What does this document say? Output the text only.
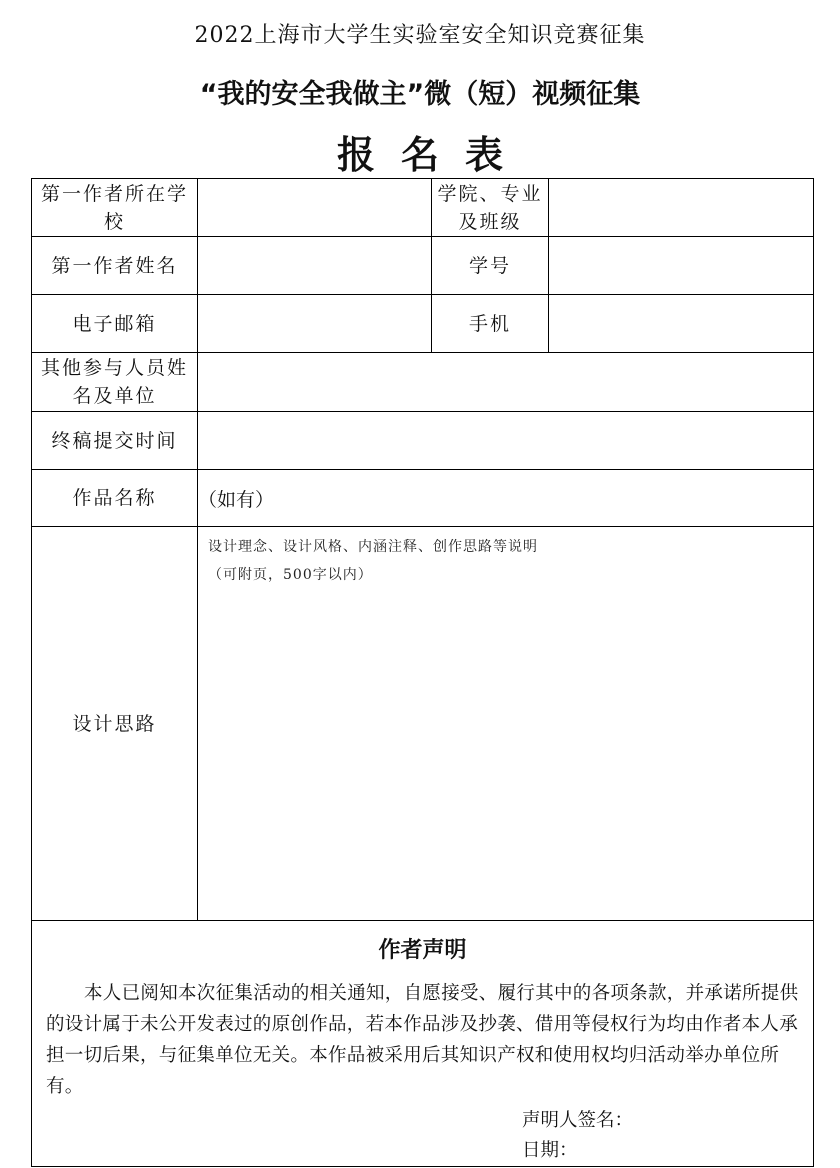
2022上海市大学生实验室安全知识竞赛征集
“我的安全我做主”微（短）视频征集
报名表
第一作者所在学校		学院、专业及班级	
第一作者姓名		学号	
电子邮箱		手机	
其他参与人员姓名及单位			
终稿提交时间			
作品名称	（如有）		
设计思路	设计理念、设计风格、内涵注释、创作思路等说明
（可附页，500字以内）		

作者声明
本人已阅知本次征集活动的相关通知，自愿接受、履行其中的各项条款，并承诺所提供的设计属于未公开发表过的原创作品，若本作品涉及抄袭、借用等侵权行为均由作者本人承担一切后果，与征集单位无关。本作品被采用后其知识产权和使用权均归活动举办单位所有。
声明人签名：
日期：			
